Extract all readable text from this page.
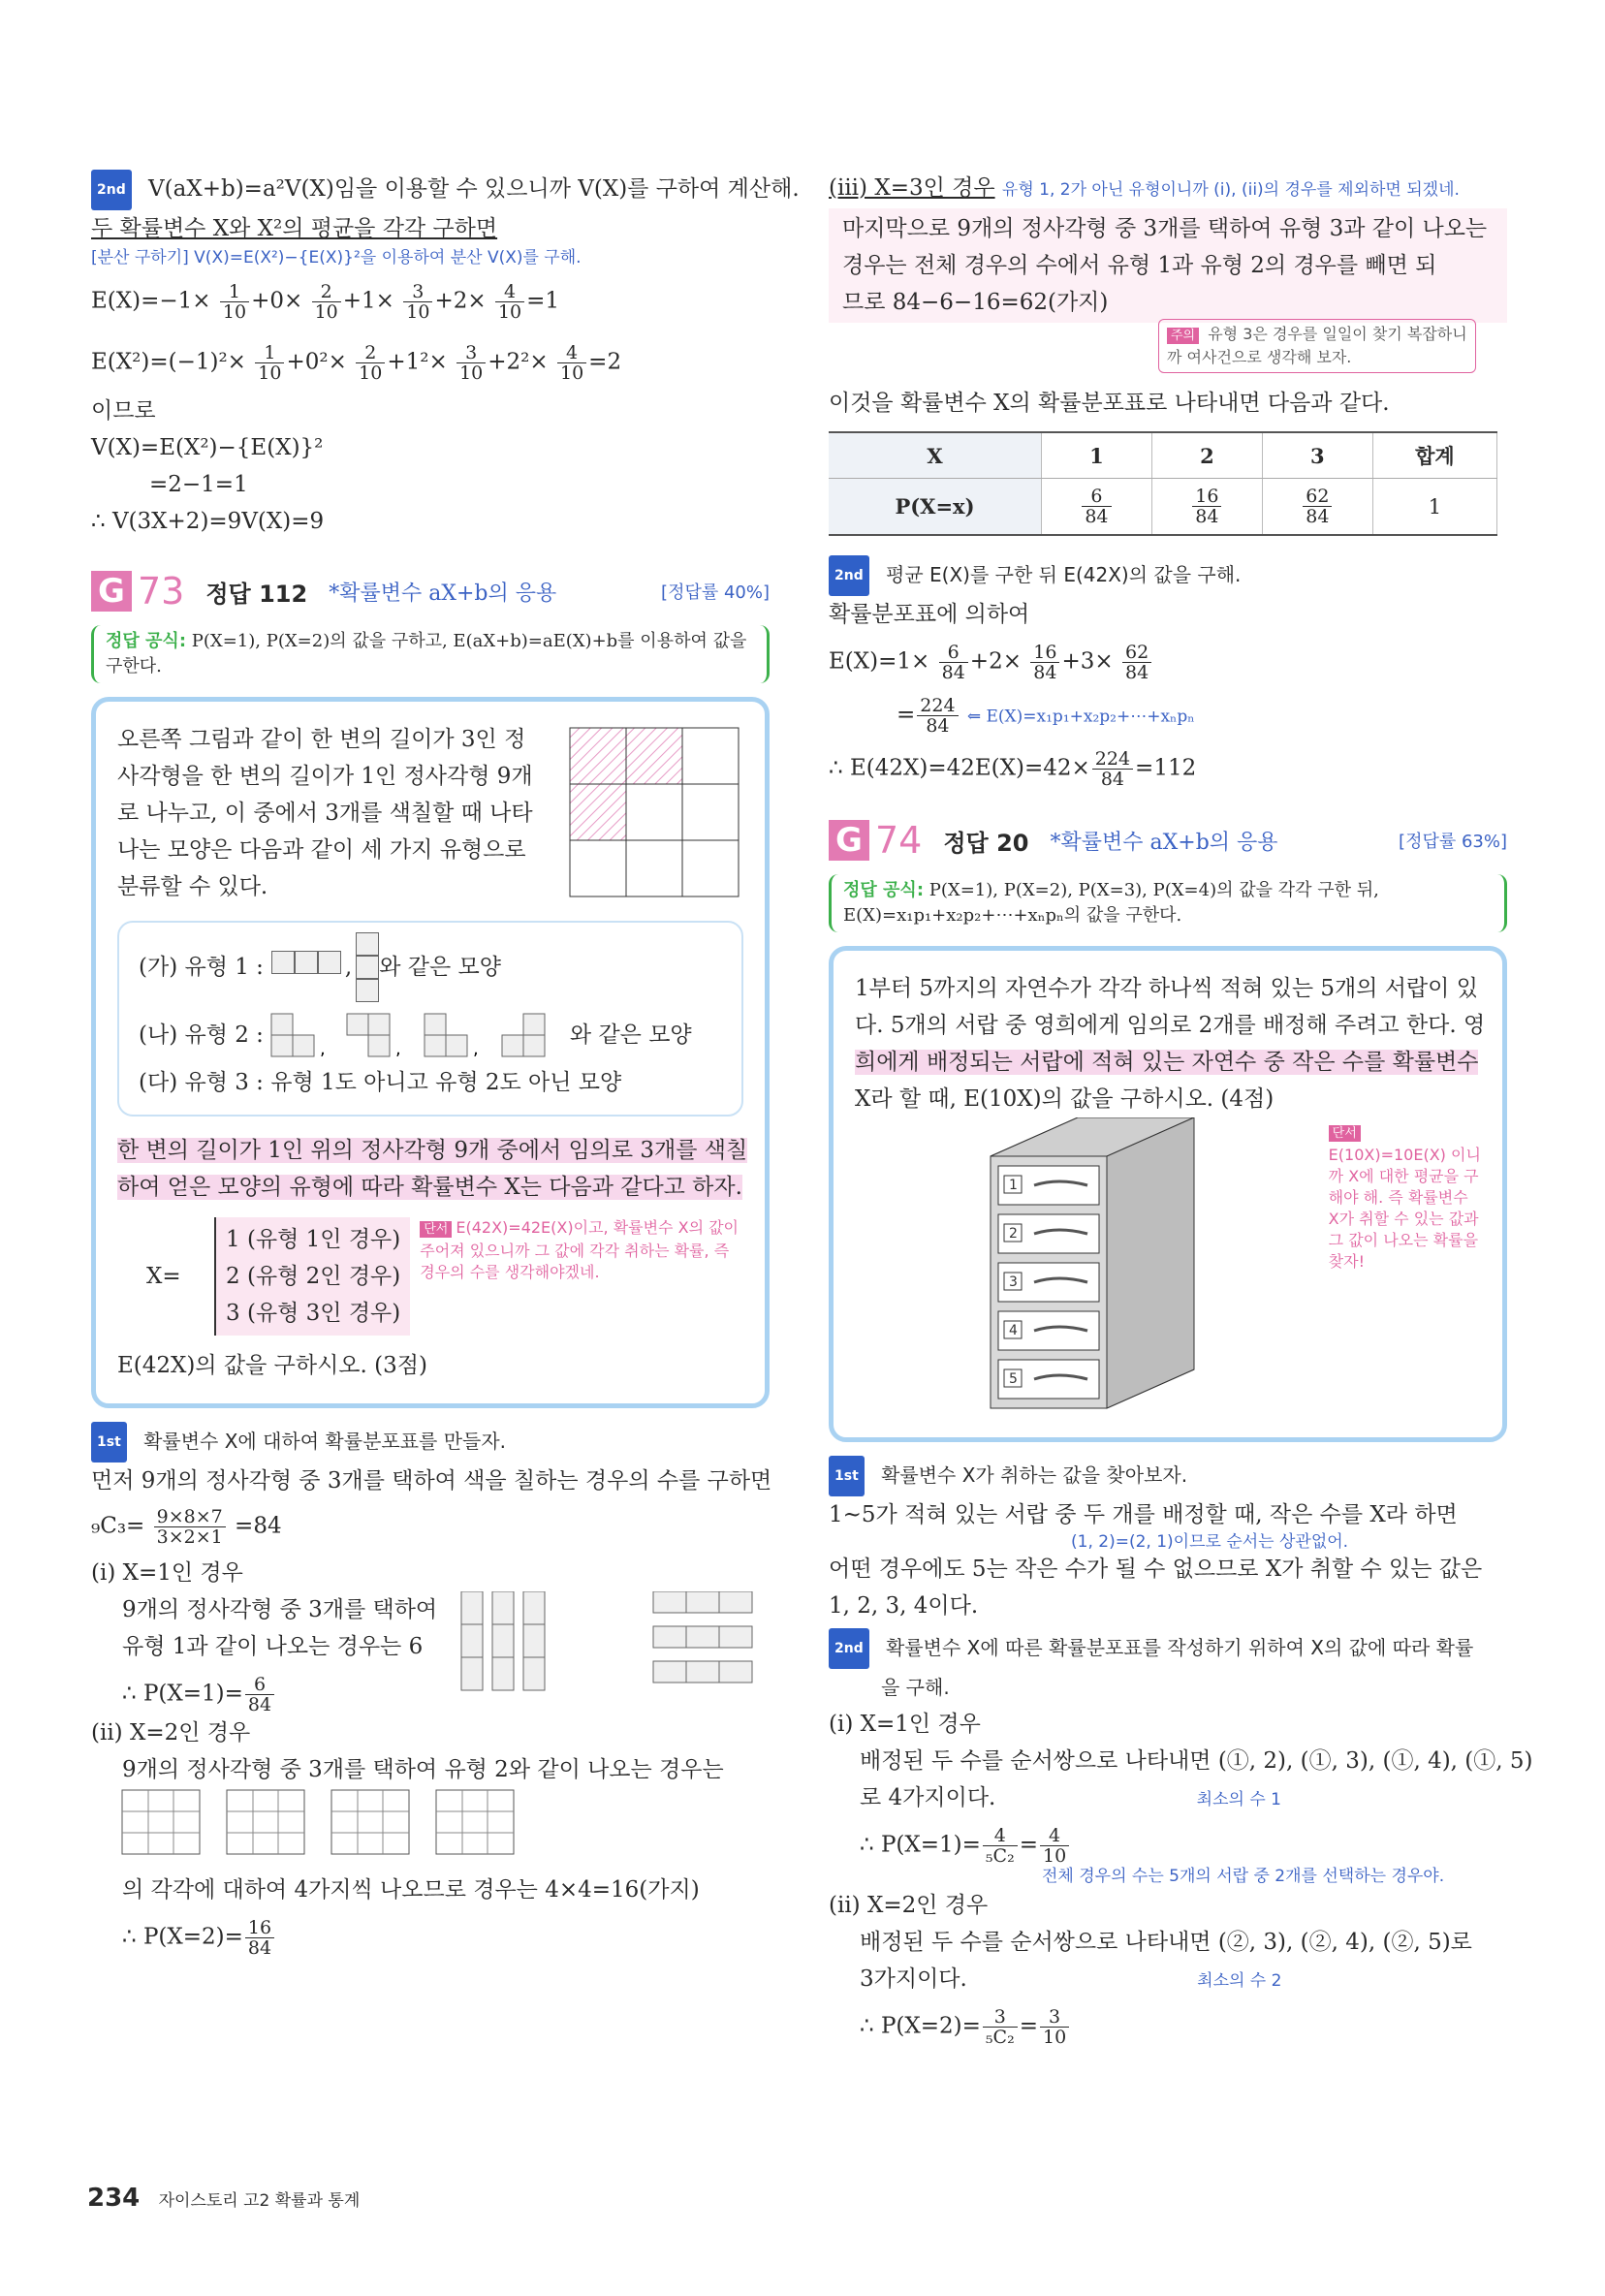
2nd V(aX+b)=a²V(X)임을 이용할 수 있으니까 V(X)를 구하여 계산해.
두 확률변수 X와 X²의 평균을 각각 구하면
[분산 구하기] V(X)=E(X²)−{E(X)}²을 이용하여 분산 V(X)를 구해.
$E(X)=-1\times \frac{1}{10} +0\times \frac{2}{10} +1\times \frac{3}{10} +2\times \frac{4}{10} =1$
$E(X^2)=(-1)^2\times \frac{1}{10} +0^2\times \frac{2}{10} +1^2\times \frac{3}{10} +2^2\times \frac{4}{10} =2$
이므로
V(X)=E(X²)−{E(X)}²
=2−1=1
∴ V(3X+2)=9V(X)=9
G 73 정답 112 *확률변수 aX+b의 응용	[정답률 40%]
정답 공식: P(X=1), P(X=2)의 값을 구하고, E(aX+b)=aE(X)+b를 이용하여 값을 구한다.
오른쪽 그림과 같이 한 변의 길이가 3인 정
사각형을 한 변의 길이가 1인 정사각형 9개
로 나누고, 이 중에서 3개를 색칠할 때 나타
나는 모양은 다음과 같이 세 가지 유형으로
분류할 수 있다.
(가) 유형 1 :	, 와 같은 모양
(나) 유형 2 :
,	,	,
와 같은 모양
(다) 유형 3 : 유형 1도 아니고 유형 2도 아닌 모양
한 변의 길이가 1인 위의 정사각형 9개 중에서 임의로 3개를 색칠
하여 얻은 모양의 유형에 따라 확률변수 X는 다음과 같다고 하자.
X=
1 (유형 1인 경우)
2 (유형 2인 경우)
3 (유형 3인 경우)
단서 E(42X)=42E(X)이고, 확률변수 X의 값이 주어져 있으니까 그 값에 각각 취하는 확률, 즉 경우의 수를 생각해야겠네.
E(42X)의 값을 구하시오. (3점)
1st 확률변수 X에 대하여 확률분포표를 만들자.
먼저 9개의 정사각형 중 3개를 택하여 색을 칠하는 경우의 수를 구하면
$_9C_3= \frac{9\times 8\times 7}{3\times 2\times 1} =84$
(i) X=1인 경우
9개의 정사각형 중 3개를 택하여
유형 1과 같이 나오는 경우는 6
∴ $P(X=1)= \frac{6}{84}$
(ii) X=2인 경우
9개의 정사각형 중 3개를 택하여 유형 2와 같이 나오는 경우는
의 각각에 대하여 4가지씩 나오므로 경우는 4×4=16(가지)
∴ $P(X=2)= \frac{16}{84}$
(iii) X=3인 경우 유형 1, 2가 아닌 유형이니까 (i), (ii)의 경우를 제외하면 되겠네.
마지막으로 9개의 정사각형 중 3개를 택하여 유형 3과 같이 나오는
경우는 전체 경우의 수에서 유형 1과 유형 2의 경우를 빼면 되
므로 84−6−16=62(가지)
주의 유형 3은 경우를 일일이 찾기 복잡하니까 여사건으로 생각해 보자.
이것을 확률변수 X의 확률분포표로 나타내면 다음과 같다.
X	1	2	3	합계
P(X=x)	$\frac{6}{84}$	$\frac{16}{84}$	$\frac{62}{84}$	1
2nd 평균 E(X)를 구한 뒤 E(42X)의 값을 구해.
확률분포표에 의하여
$E(X)=1\times \frac{6}{84} +2\times \frac{16}{84} +3\times \frac{62}{84}$
= $\frac{224}{84}$ ⇐ E(X)=x₁p₁+x₂p₂+⋯+xₙpₙ
∴ $E(42X)=42E(X)=42\times \frac{224}{84} =112$
G 74 정답 20 *확률변수 aX+b의 응용	[정답률 63%]
정답 공식: P(X=1), P(X=2), P(X=3), P(X=4)의 값을 각각 구한 뒤, E(X)=x₁p₁+x₂p₂+⋯+xₙpₙ의 값을 구한다.
1부터 5까지의 자연수가 각각 하나씩 적혀 있는 5개의 서랍이 있
다. 5개의 서랍 중 영희에게 임의로 2개를 배정해 주려고 한다. 영
희에게 배정되는 서랍에 적혀 있는 자연수 중 작은 수를 확률변수
X라 할 때, E(10X)의 값을 구하시오. (4점)
1
2
3
4
5
단서E(10X)=10E(X) 이니까 X에 대한 평균을 구해야 해. 즉 확률변수 X가 취할 수 있는 값과 그 값이 나오는 확률을 찾자!
1st 확률변수 X가 취하는 값을 찾아보자.
1~5가 적혀 있는 서랍 중 두 개를 배정할 때, 작은 수를 X라 하면
(1, 2)=(2, 1)이므로 순서는 상관없어.
어떤 경우에도 5는 작은 수가 될 수 없으므로 X가 취할 수 있는 값은
1, 2, 3, 4이다.
2nd 확률변수 X에 따른 확률분포표를 작성하기 위하여 X의 값에 따라 확률
을 구해.
(i) X=1인 경우
배정된 두 수를 순서쌍으로 나타내면 (①, 2), (①, 3), (①, 4), (①, 5)
로 4가지이다.	최소의 수 1
∴ $P(X=1)= \frac{4}{\text{₅C₂}} = \frac{4}{10}$
전체 경우의 수는 5개의 서랍 중 2개를 선택하는 경우야.
(ii) X=2인 경우
배정된 두 수를 순서쌍으로 나타내면 (②, 3), (②, 4), (②, 5)로
3가지이다.	최소의 수 2
∴ $P(X=2)= \frac{3}{\text{₅C₂}} = \frac{3}{10}$
234 자이스토리 고2 확률과 통계
